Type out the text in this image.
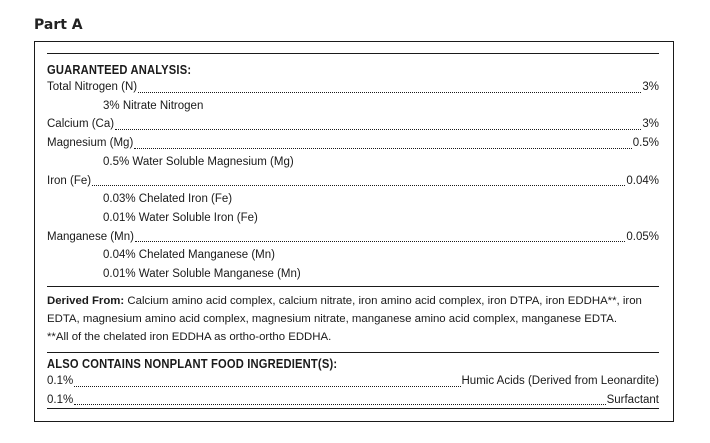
Part A
GUARANTEED ANALYSIS:
Total Nitrogen (N)	3%
3% Nitrate Nitrogen
Calcium (Ca)	3%
Magnesium (Mg)	0.5%
0.5% Water Soluble Magnesium (Mg)
Iron (Fe)	0.04%
0.03% Chelated Iron (Fe)
0.01% Water Soluble Iron (Fe)
Manganese (Mn)	0.05%
0.04% Chelated Manganese (Mn)
0.01% Water Soluble Manganese (Mn)
Derived From: Calcium amino acid complex, calcium nitrate, iron amino acid complex, iron DTPA, iron EDDHA**, iron EDTA, magnesium amino acid complex, magnesium nitrate, manganese amino acid complex, manganese EDTA.
**All of the chelated iron EDDHA as ortho-ortho EDDHA.
ALSO CONTAINS NONPLANT FOOD INGREDIENT(S):
0.1%	Humic Acids (Derived from Leonardite)
0.1%	Surfactant
